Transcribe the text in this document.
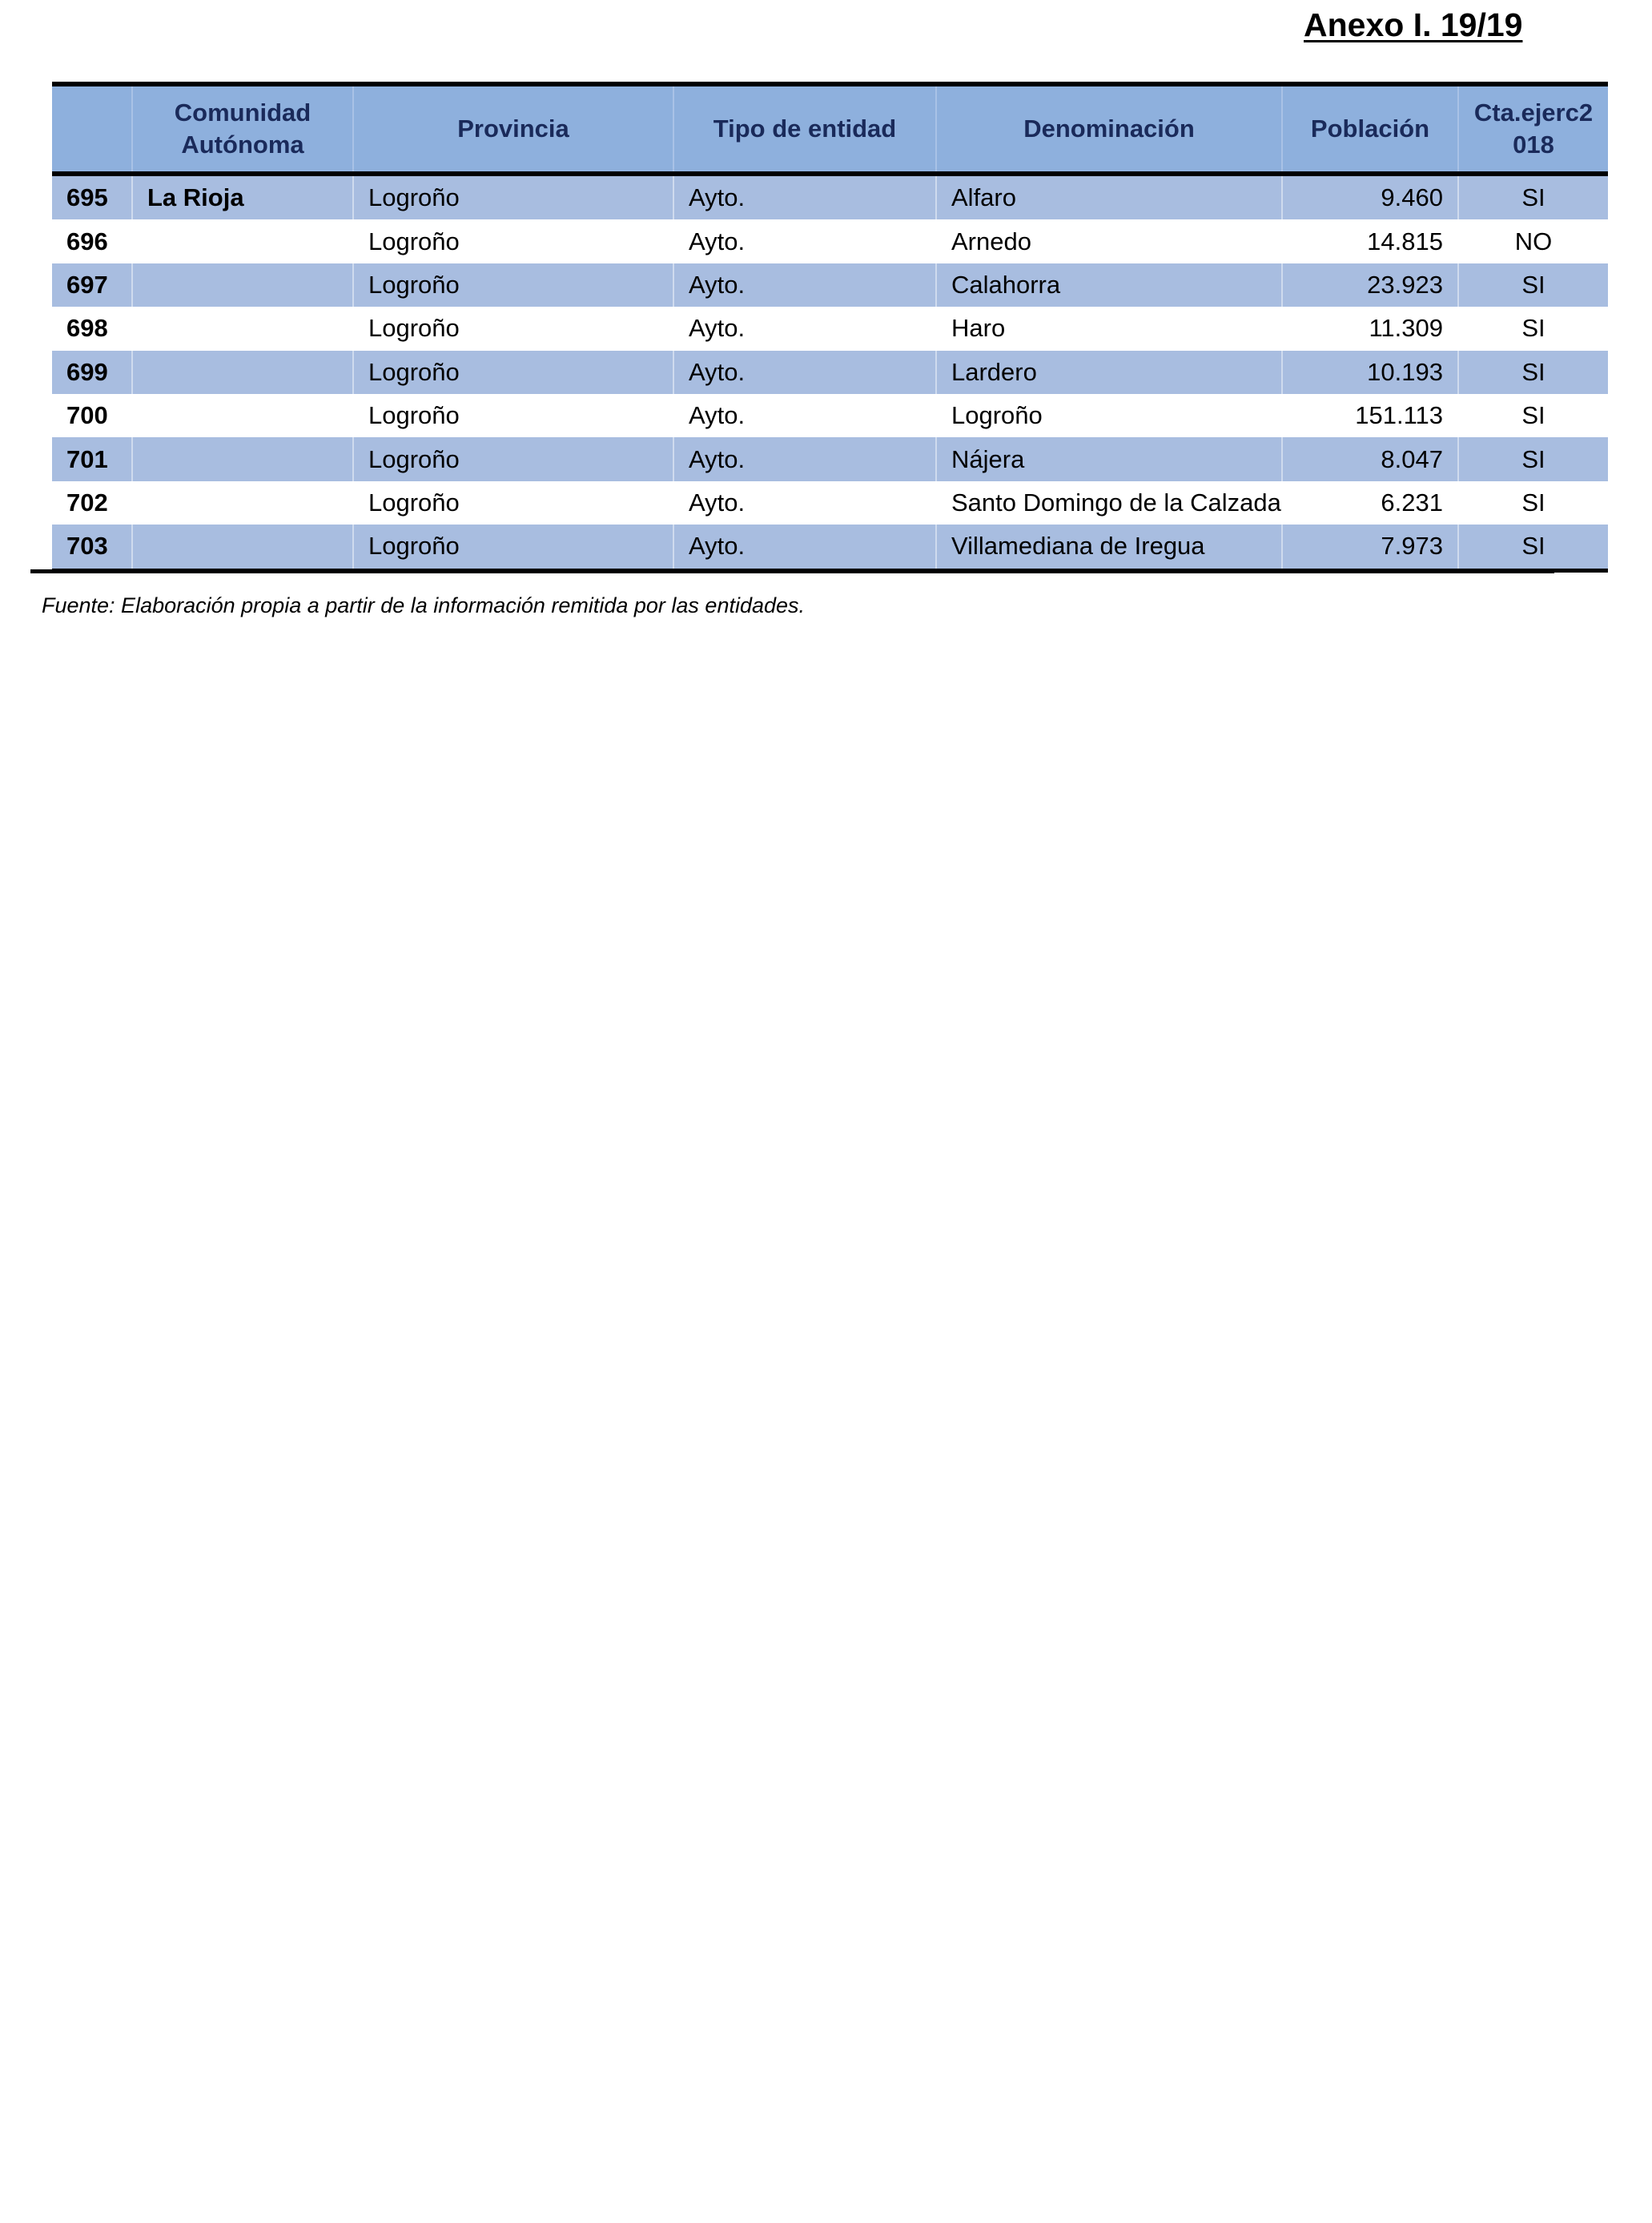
Anexo I. 19/19
	Comunidad Autónoma	Provincia	Tipo de entidad	Denominación	Población	Cta.ejerc2 018
695	La Rioja	Logroño	Ayto.	Alfaro	9.460	SI
696		Logroño	Ayto.	Arnedo	14.815	NO
697		Logroño	Ayto.	Calahorra	23.923	SI
698		Logroño	Ayto.	Haro	11.309	SI
699		Logroño	Ayto.	Lardero	10.193	SI
700		Logroño	Ayto.	Logroño	151.113	SI
701		Logroño	Ayto.	Nájera	8.047	SI
702		Logroño	Ayto.	Santo Domingo de la Calzada	6.231	SI
703		Logroño	Ayto.	Villamediana de Iregua	7.973	SI
Fuente: Elaboración propia a partir de la información remitida por las entidades.
